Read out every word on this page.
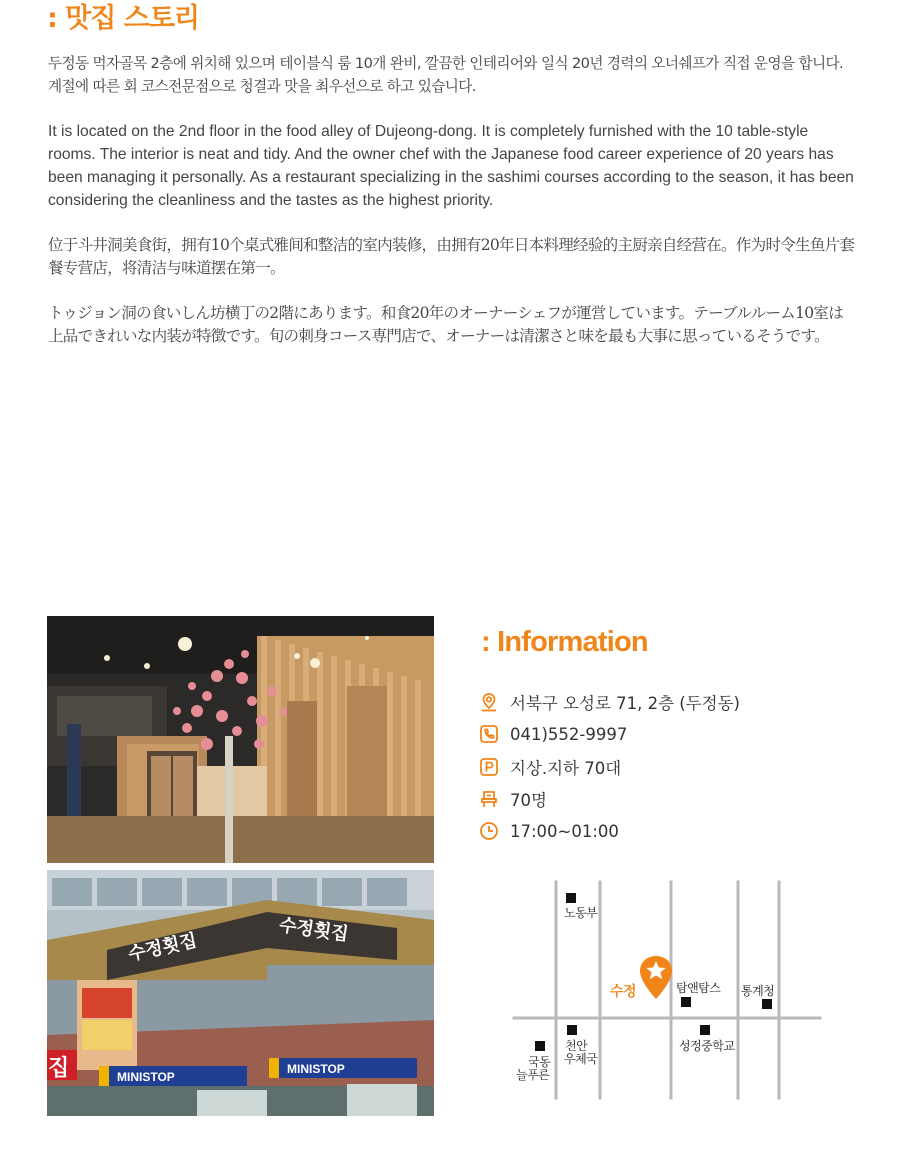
: 맛집 스토리

두정동 먹자골목 2층에 위치해 있으며 테이블식 룸 10개 완비, 깔끔한 인테리어와 일식 20년 경력의 오너쉐프가 직접 운영을 합니다. 계절에 따른 회 코스전문점으로 청결과 맛을 최우선으로 하고 있습니다.

It is located on the 2nd floor in the food alley of Dujeong-dong. It is completely furnished with the 10 table-style rooms. The interior is neat and tidy. And the owner chef with the Japanese food career experience of 20 years has been managing it personally. As a restaurant specializing in the sashimi courses according to the season, it has been considering the cleanliness and the tastes as the highest priority.

位于斗井洞美食街，拥有10个桌式雅间和整洁的室内装修，由拥有20年日本料理经验的主厨亲自经营在。作为时令生鱼片套餐专营店，将清洁与味道摆在第一。

トゥジョン洞の食いしん坊横丁の2階にあります。和食20年のオーナーシェフが運営しています。テーブルルーム10室は上品できれいな内装が特徴です。旬の刺身コース専門店で、オーナーは清潔さと味を最も大事に思っているそうです。

수정횟집
수정횟집
집	MINISTOP
MINISTOP
: Information
서북구 오성로 71, 2층 (두정동)
041)552-9997
지상.지하 70대
70명
17:00~01:00
노동부
수정	탐앤탐스 통계청
천안
우체국
성정중학교
국동
늘푸른
